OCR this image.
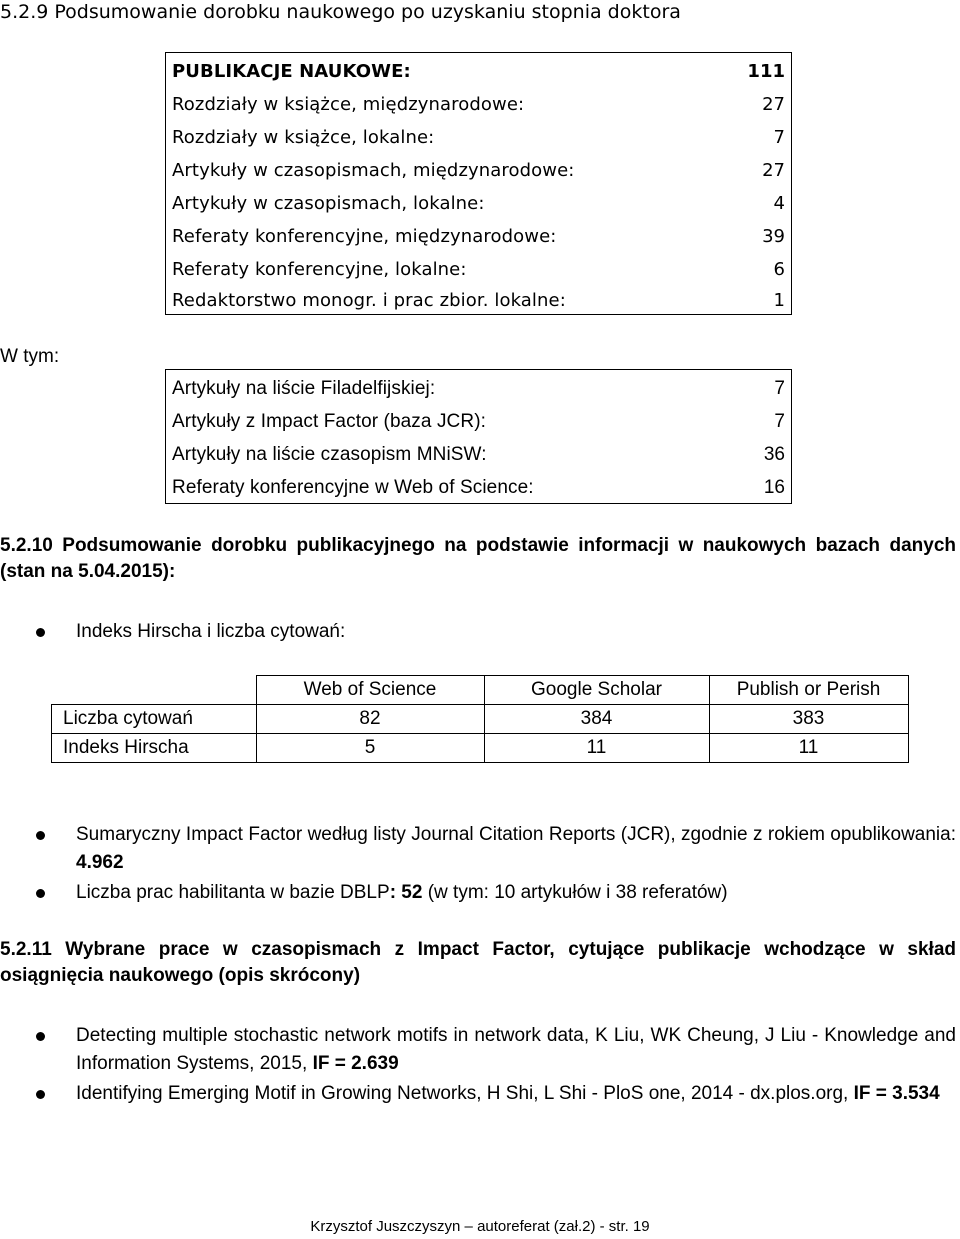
5.2.9 Podsumowanie dorobku naukowego po uzyskaniu stopnia doktora
PUBLIKACJE NAUKOWE:	111
Rozdziały w książce, międzynarodowe:	27
Rozdziały w książce, lokalne:	7
Artykuły w czasopismach, międzynarodowe:	27
Artykuły w czasopismach, lokalne:	4
Referaty konferencyjne, międzynarodowe:	39
Referaty konferencyjne, lokalne:	6
Redaktorstwo monogr. i prac zbior. lokalne:	1
W tym:
Artykuły na liście Filadelfijskiej:	7
Artykuły z Impact Factor (baza JCR):	7
Artykuły na liście czasopism MNiSW:	36
Referaty konferencyjne w Web of Science:	16
5.2.10 Podsumowanie dorobku publikacyjnego na podstawie informacji w naukowych bazach danych (stan na 5.04.2015):
Indeks Hirscha i liczba cytowań:
	Web of Science	Google Scholar	Publish or Perish
Liczba cytowań	82	384	383
Indeks Hirscha	5	11	11
Sumaryczny Impact Factor według listy Journal Citation Reports (JCR), zgodnie z rokiem opublikowania: 4.962
Liczba prac habilitanta w bazie DBLP: 52 (w tym: 10 artykułów i 38 referatów)
5.2.11 Wybrane prace w czasopismach z Impact Factor, cytujące publikacje wchodzące w skład osiągnięcia naukowego (opis skrócony)
Detecting multiple stochastic network motifs in network data, K Liu, WK Cheung, J Liu - Knowledge and Information Systems, 2015, IF = 2.639
Identifying Emerging Motif in Growing Networks, H Shi, L Shi - PloS one, 2014 - dx.plos.org, IF = 3.534
Krzysztof Juszczyszyn – autoreferat (zał.2) - str. 19
